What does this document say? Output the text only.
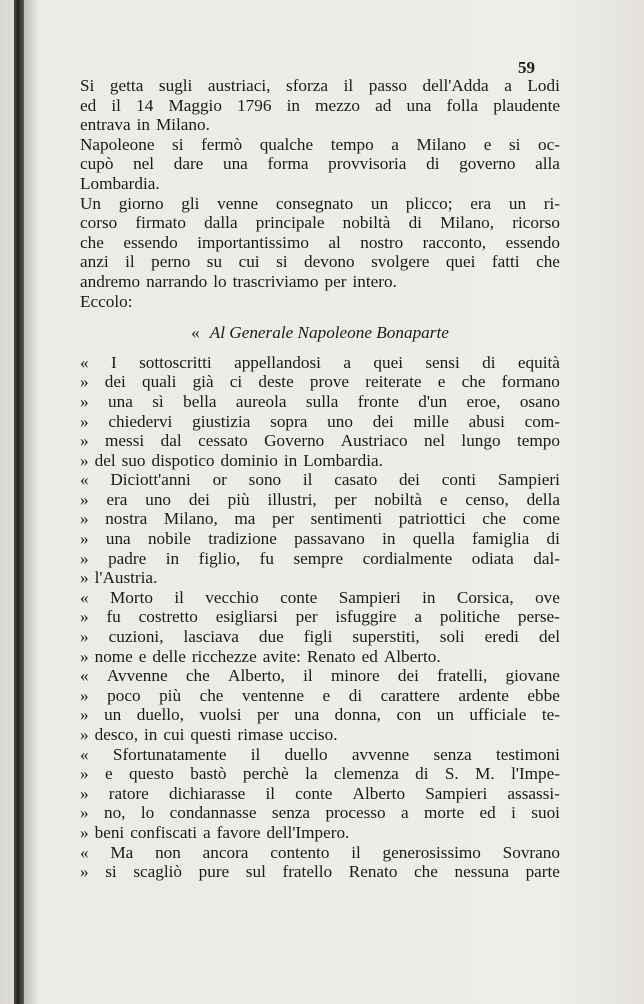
59
Si getta sugli austriaci, sforza il passo dell'Adda a Lodi
ed il 14 Maggio 1796 in mezzo ad una folla plaudente
entrava in Milano.
Napoleone si fermò qualche tempo a Milano e si oc-
cupò nel dare una forma provvisoria di governo alla
Lombardia.
Un giorno gli venne consegnato un plicco; era un ri-
corso firmato dalla principale nobiltà di Milano, ricorso
che essendo importantissimo al nostro racconto, essendo
anzi il perno su cui si devono svolgere quei fatti che
andremo narrando lo trascriviamo per intero.
Eccolo:
« Al Generale Napoleone Bonaparte
« I sottoscritti appellandosi a quei sensi di equità
» dei quali già ci deste prove reiterate e che formano
» una sì bella aureola sulla fronte d'un eroe, osano
» chiedervi giustizia sopra uno dei mille abusi com-
» messi dal cessato Governo Austriaco nel lungo tempo
» del suo dispotico dominio in Lombardia.
« Diciott'anni or sono il casato dei conti Sampieri
» era uno dei più illustri, per nobiltà e censo, della
» nostra Milano, ma per sentimenti patriottici che come
» una nobile tradizione passavano in quella famiglia di
» padre in figlio, fu sempre cordialmente odiata dal-
» l'Austria.
« Morto il vecchio conte Sampieri in Corsica, ove
» fu costretto esigliarsi per isfuggire a politiche perse-
» cuzioni, lasciava due figli superstiti, soli eredi del
» nome e delle ricchezze avite: Renato ed Alberto.
« Avvenne che Alberto, il minore dei fratelli, giovane
» poco più che ventenne e di carattere ardente ebbe
» un duello, vuolsi per una donna, con un ufficiale te-
» desco, in cui questi rimase ucciso.
« Sfortunatamente il duello avvenne senza testimoni
» e questo bastò perchè la clemenza di S. M. l'Impe-
» ratore dichiarasse il conte Alberto Sampieri assassi-
» no, lo condannasse senza processo a morte ed i suoi
» beni confiscati a favore dell'Impero.
« Ma non ancora contento il generosissimo Sovrano
» si scagliò pure sul fratello Renato che nessuna parte
